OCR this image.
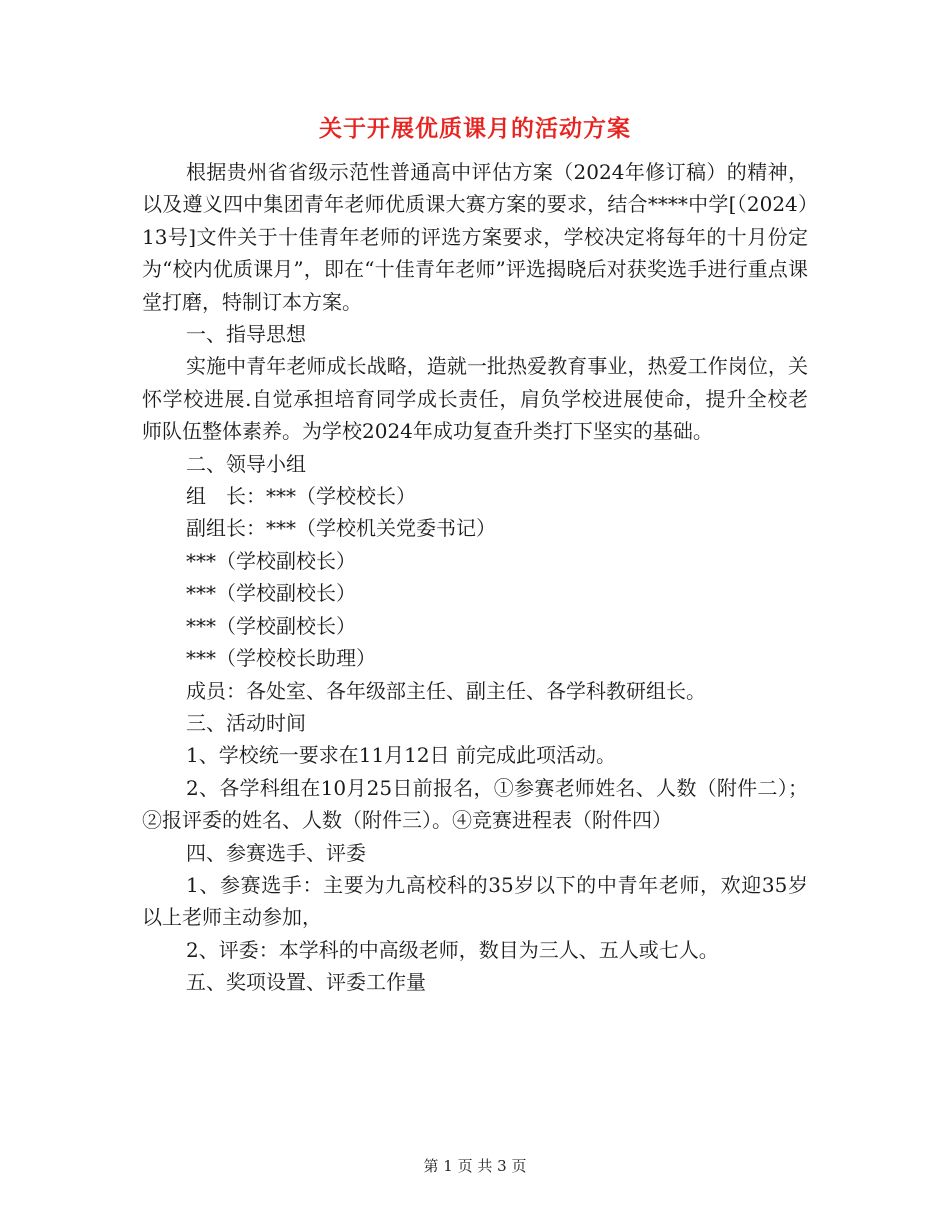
关于开展优质课月的活动方案

根据贵州省省级示范性普通高中评估方案（2024年修订稿）的精神，以及遵义四中集团青年老师优质课大赛方案的要求，结合****中学[（2024）13号]文件关于十佳青年老师的评选方案要求，学校决定将每年的十月份定为“校内优质课月”，即在“十佳青年老师”评选揭晓后对获奖选手进行重点课堂打磨，特制订本方案。

一、指导思想

实施中青年老师成长战略，造就一批热爱教育事业，热爱工作岗位，关怀学校进展.自觉承担培育同学成长责任，肩负学校进展使命，提升全校老师队伍整体素养。为学校2024年成功复查升类打下坚实的基础。

二、领导小组

组　长：***（学校校长）

副组长：***（学校机关党委书记）

***（学校副校长）

***（学校副校长）

***（学校副校长）

***（学校校长助理）

成员：各处室、各年级部主任、副主任、各学科教研组长。

三、活动时间

1、学校统一要求在11月12日 前完成此项活动。

2、各学科组在10月25日前报名，①参赛老师姓名、人数（附件二）；②报评委的姓名、人数（附件三）。④竞赛进程表（附件四）

四、参赛选手、评委

1、参赛选手：主要为九高校科的35岁以下的中青年老师，欢迎35岁以上老师主动参加，

2、评委：本学科的中高级老师，数目为三人、五人或七人。

五、奖项设置、评委工作量

第 1 页 共 3 页
